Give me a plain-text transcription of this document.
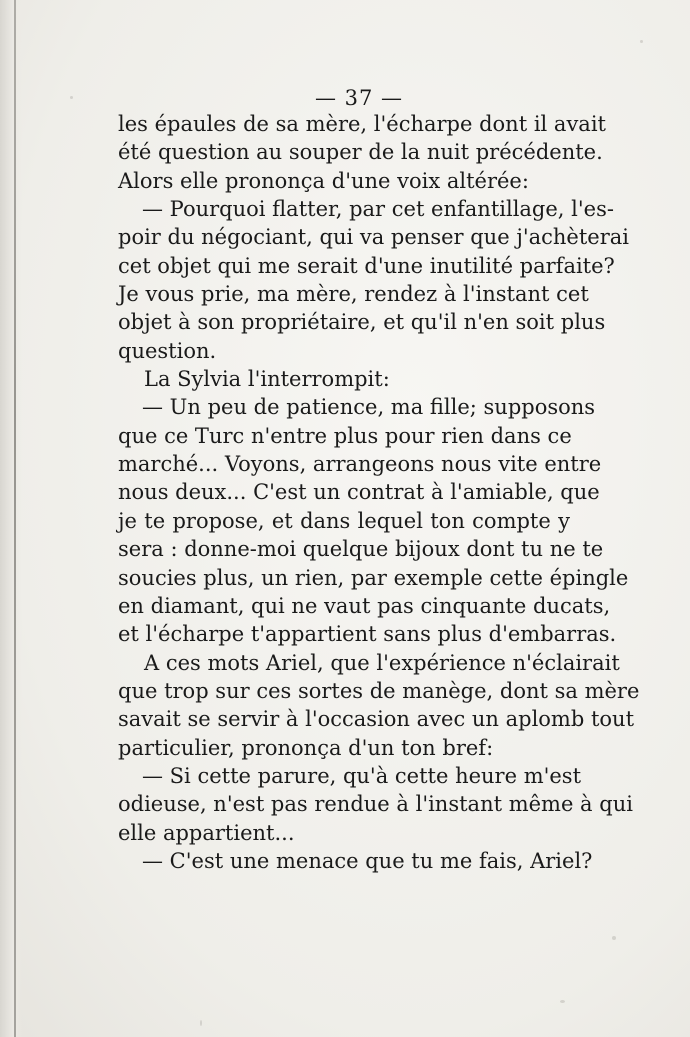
— 37 —
les épaules de sa mère, l'écharpe dont il avait
été question au souper de la nuit précédente.
Alors elle prononça d'une voix altérée:
— Pourquoi flatter, par cet enfantillage, l'es-
poir du négociant, qui va penser que j'achèterai
cet objet qui me serait d'une inutilité parfaite?
Je vous prie, ma mère, rendez à l'instant cet
objet à son propriétaire, et qu'il n'en soit plus
question.
La Sylvia l'interrompit:
— Un peu de patience, ma fille; supposons
que ce Turc n'entre plus pour rien dans ce
marché... Voyons, arrangeons nous vite entre
nous deux... C'est un contrat à l'amiable, que
je te propose, et dans lequel ton compte y
sera : donne-moi quelque bijoux dont tu ne te
soucies plus, un rien, par exemple cette épingle
en diamant, qui ne vaut pas cinquante ducats,
et l'écharpe t'appartient sans plus d'embarras.
A ces mots Ariel, que l'expérience n'éclairait
que trop sur ces sortes de manège, dont sa mère
savait se servir à l'occasion avec un aplomb tout
particulier, prononça d'un ton bref:
— Si cette parure, qu'à cette heure m'est
odieuse, n'est pas rendue à l'instant même à qui
elle appartient...
— C'est une menace que tu me fais, Ariel?
